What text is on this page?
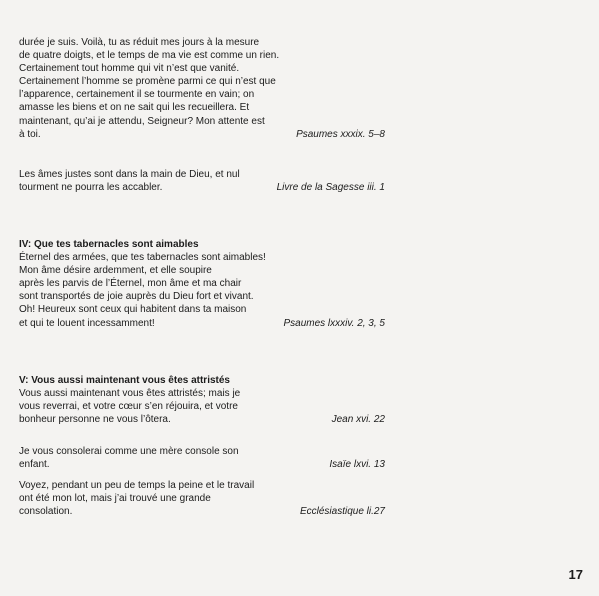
durée je suis. Voilà, tu as réduit mes jours à la mesure
de quatre doigts, et le temps de ma vie est comme un rien.
Certainement tout homme qui vit n’est que vanité.
Certainement l’homme se promène parmi ce qui n’est que
l’apparence, certainement il se tourmente en vain; on
amasse les biens et on ne sait qui les recueillera. Et
maintenant, qu’ai je attendu, Seigneur? Mon attente est
à toi.	Psaumes xxxix. 5–8
Les âmes justes sont dans la main de Dieu, et nul
tourment ne pourra les accabler.	Livre de la Sagesse iii. 1
IV: Que tes tabernacles sont aimables
Éternel des armées, que tes tabernacles sont aimables!
Mon âme désire ardemment, et elle soupire
après les parvis de l’Éternel, mon âme et ma chair
sont transportés de joie auprès du Dieu fort et vivant.
Oh! Heureux sont ceux qui habitent dans ta maison
et qui te louent incessamment!	Psaumes lxxxiv. 2, 3, 5
V: Vous aussi maintenant vous êtes attristés
Vous aussi maintenant vous êtes attristés; mais je
vous reverrai, et votre cœur s’en réjouira, et votre
bonheur personne ne vous l’ôtera.	Jean xvi. 22
Je vous consolerai comme une mère console son
enfant.	Isaïe lxvi. 13
Voyez, pendant un peu de temps la peine et le travail
ont été mon lot, mais j’ai trouvé une grande
consolation.	Ecclésiastique li.27
17
